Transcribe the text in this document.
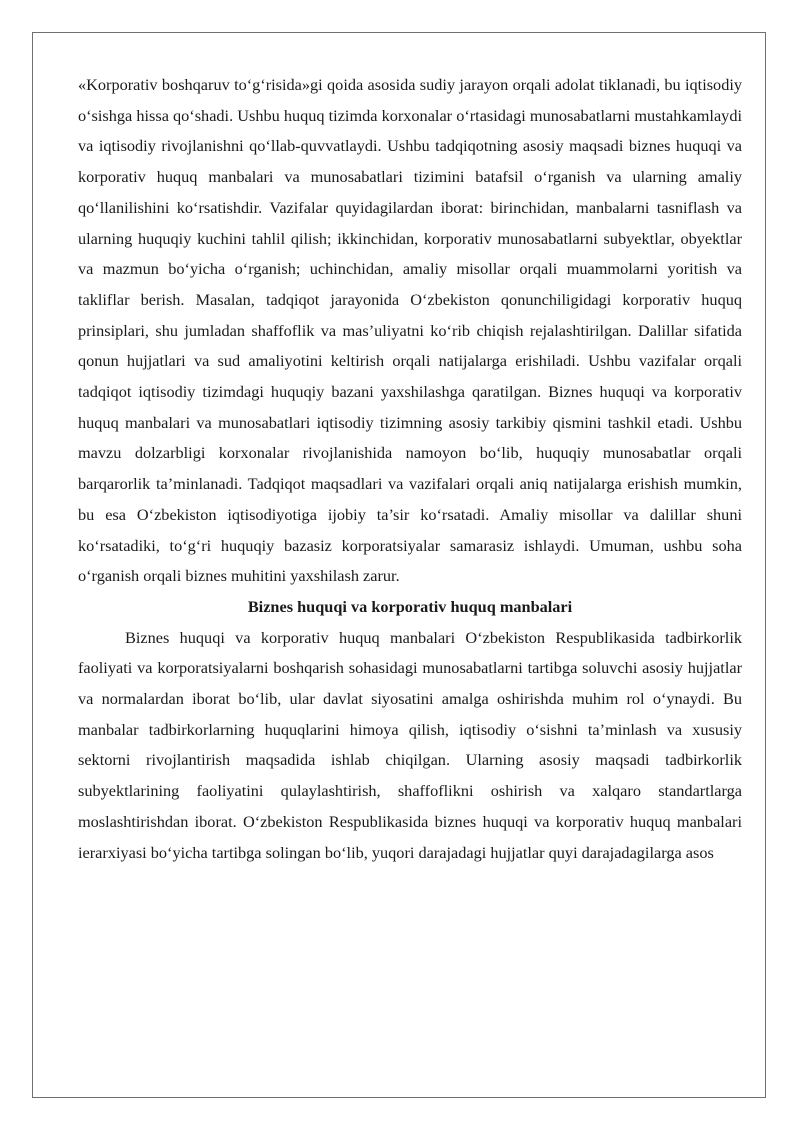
«Korporativ boshqaruv to‘g‘risida»gi qoida asosida sudiy jarayon orqali adolat tiklanadi, bu iqtisodiy o‘sishga hissa qo‘shadi. Ushbu huquq tizimda korxonalar o‘rtasidagi munosabatlarni mustahkamlaydi va iqtisodiy rivojlanishni qo‘llab-quvvatlaydi. Ushbu tadqiqotning asosiy maqsadi biznes huquqi va korporativ huquq manbalari va munosabatlari tizimini batafsil o‘rganish va ularning amaliy qo‘llanilishini ko‘rsatishdir. Vazifalar quyidagilardan iborat: birinchidan, manbalarni tasniflash va ularning huquqiy kuchini tahlil qilish; ikkinchidan, korporativ munosabatlarni subyektlar, obyektlar va mazmun bo‘yicha o‘rganish; uchinchidan, amaliy misollar orqali muammolarni yoritish va takliflar berish. Masalan, tadqiqot jarayonida O‘zbekiston qonunchiligidagi korporativ huquq prinsiplari, shu jumladan shaffoflik va mas’uliyatni ko‘rib chiqish rejalashtirilgan. Dalillar sifatida qonun hujjatlari va sud amaliyotini keltirish orqali natijalarga erishiladi. Ushbu vazifalar orqali tadqiqot iqtisodiy tizimdagi huquqiy bazani yaxshilashga qaratilgan. Biznes huquqi va korporativ huquq manbalari va munosabatlari iqtisodiy tizimning asosiy tarkibiy qismini tashkil etadi. Ushbu mavzu dolzarbligi korxonalar rivojlanishida namoyon bo‘lib, huquqiy munosabatlar orqali barqarorlik ta’minlanadi. Tadqiqot maqsadlari va vazifalari orqali aniq natijalarga erishish mumkin, bu esa O‘zbekiston iqtisodiyotiga ijobiy ta’sir ko‘rsatadi. Amaliy misollar va dalillar shuni ko‘rsatadiki, to‘g‘ri huquqiy bazasiz korporatsiyalar samarasiz ishlaydi. Umuman, ushbu soha o‘rganish orqali biznes muhitini yaxshilash zarur.

Biznes huquqi va korporativ huquq manbalari

Biznes huquqi va korporativ huquq manbalari O‘zbekiston Respublikasida tadbirkorlik faoliyati va korporatsiyalarni boshqarish sohasidagi munosabatlarni tartibga soluvchi asosiy hujjatlar va normalardan iborat bo‘lib, ular davlat siyosatini amalga oshirishda muhim rol o‘ynaydi. Bu manbalar tadbirkorlarning huquqlarini himoya qilish, iqtisodiy o‘sishni ta’minlash va xususiy sektorni rivojlantirish maqsadida ishlab chiqilgan. Ularning asosiy maqsadi tadbirkorlik subyektlarining faoliyatini qulaylashtirish, shaffoflikni oshirish va xalqaro standartlarga moslashtirishdan iborat. O‘zbekiston Respublikasida biznes huquqi va korporativ huquq manbalari ierarxiyasi bo‘yicha tartibga solingan bo‘lib, yuqori darajadagi hujjatlar quyi darajadagilarga asos
